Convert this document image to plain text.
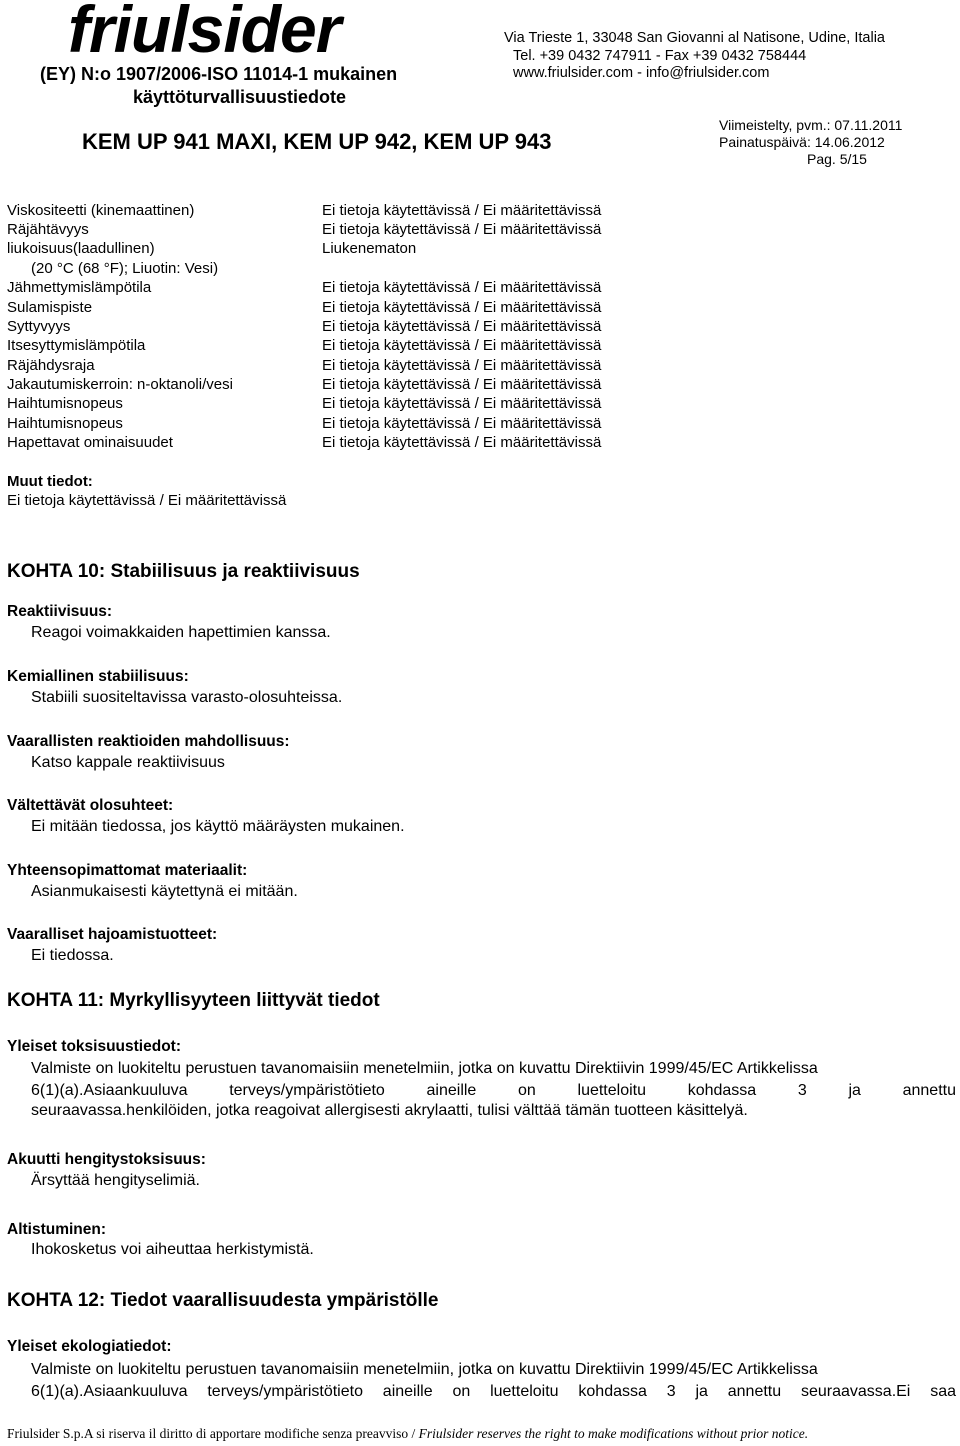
friulsider
(EY) N:o 1907/2006-ISO 11014-1 mukainen
käyttöturvallisuustiedote
Via Trieste 1, 33048 San Giovanni al Natisone, Udine, Italia
Tel. +39 0432 747911 - Fax +39 0432 758444
www.friulsider.com - info@friulsider.com
KEM UP 941 MAXI, KEM UP 942, KEM UP 943
Viimeistelty, pvm.: 07.11.2011
Painatuspäivä: 14.06.2012
Pag. 5/15
Viskositeetti (kinemaattinen)
Räjähtävyys
liukoisuus(laadullinen)
(20 °C (68 °F); Liuotin: Vesi)
Jähmettymislämpötila
Sulamispiste
Syttyvyys
Itsesyttymislämpötila
Räjähdysraja
Jakautumiskerroin: n-oktanoli/vesi
Haihtumisnopeus
Haihtumisnopeus
Hapettavat ominaisuudet
Ei tietoja käytettävissä / Ei määritettävissä
Ei tietoja käytettävissä / Ei määritettävissä
Liukenematon
Ei tietoja käytettävissä / Ei määritettävissä
Ei tietoja käytettävissä / Ei määritettävissä
Ei tietoja käytettävissä / Ei määritettävissä
Ei tietoja käytettävissä / Ei määritettävissä
Ei tietoja käytettävissä / Ei määritettävissä
Ei tietoja käytettävissä / Ei määritettävissä
Ei tietoja käytettävissä / Ei määritettävissä
Ei tietoja käytettävissä / Ei määritettävissä
Ei tietoja käytettävissä / Ei määritettävissä
Muut tiedot:
Ei tietoja käytettävissä / Ei määritettävissä
KOHTA 10: Stabiilisuus ja reaktiivisuus
Reaktiivisuus:
Reagoi voimakkaiden hapettimien kanssa.
Kemiallinen stabiilisuus:
Stabiili suositeltavissa varasto-olosuhteissa.
Vaarallisten reaktioiden mahdollisuus:
Katso kappale reaktiivisuus
Vältettävät olosuhteet:
Ei mitään tiedossa, jos käyttö määräysten mukainen.
Yhteensopimattomat materiaalit:
Asianmukaisesti käytettynä ei mitään.
Vaaralliset hajoamistuotteet:
Ei tiedossa.
KOHTA 11: Myrkyllisyyteen liittyvät tiedot
Yleiset toksisuustiedot:
Valmiste on luokiteltu perustuen tavanomaisiin menetelmiin, jotka on kuvattu Direktiivin 1999/45/EC Artikkelissa
6(1)(a).Asiaankuuluva terveys/ympäristötieto aineille on luetteloitu kohdassa 3 ja annettu
seuraavassa.henkilöiden, jotka reagoivat allergisesti akrylaatti, tulisi välttää tämän tuotteen käsittelyä.
Akuutti hengitystoksisuus:
Ärsyttää hengityselimiä.
Altistuminen:
Ihokosketus voi aiheuttaa herkistymistä.
KOHTA 12: Tiedot vaarallisuudesta ympäristölle
Yleiset ekologiatiedot:
Valmiste on luokiteltu perustuen tavanomaisiin menetelmiin, jotka on kuvattu Direktiivin 1999/45/EC Artikkelissa
6(1)(a).Asiaankuuluva terveys/ympäristötieto aineille on luetteloitu kohdassa 3 ja annettu seuraavassa.Ei saa
Friulsider S.p.A si riserva il diritto di apportare modifiche senza preavviso / Friulsider reserves the right to make modifications without prior notice.
